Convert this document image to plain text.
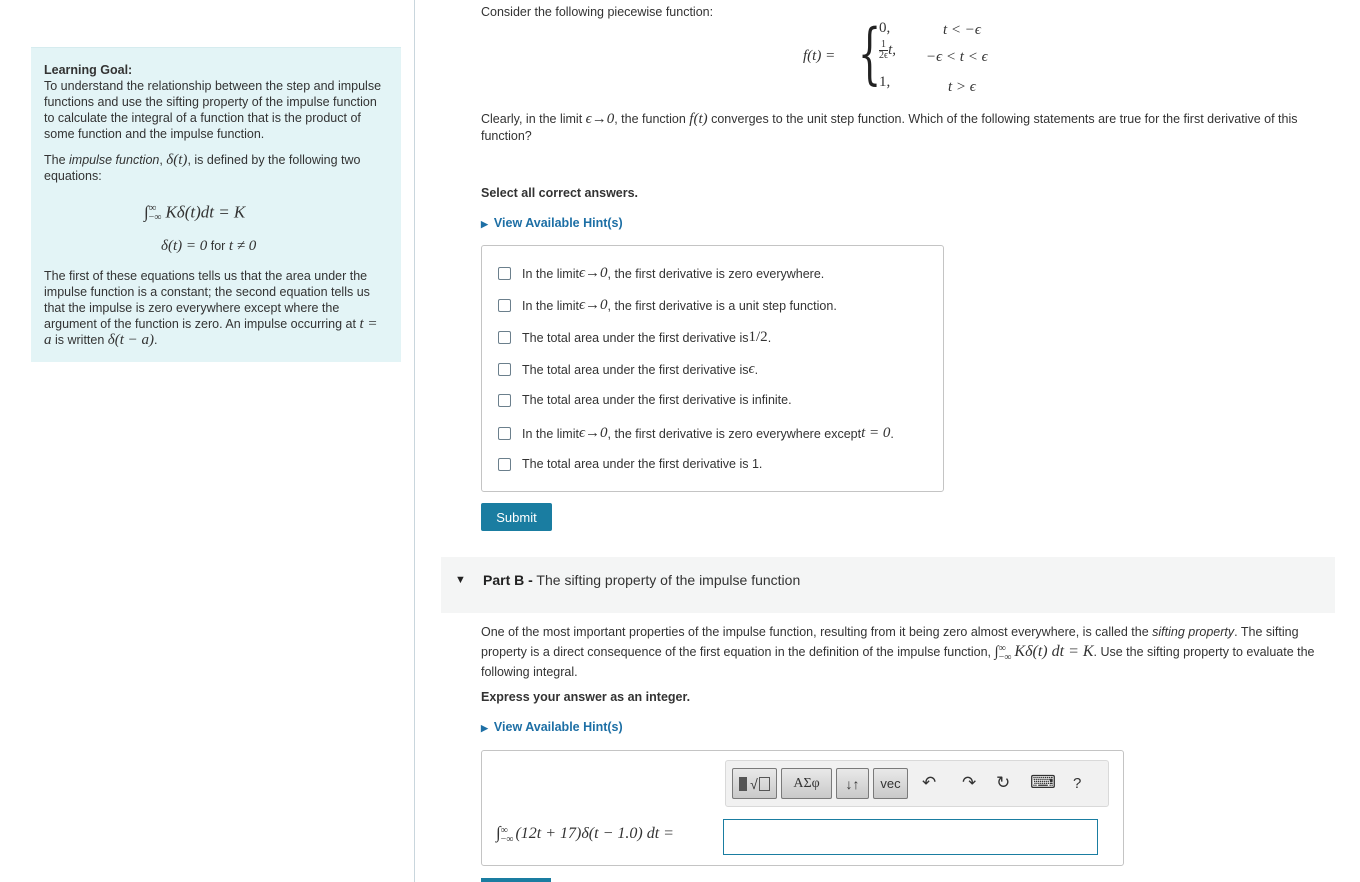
Learning Goal:

To understand the relationship between the step and impulse functions and use the sifting property of the impulse function to calculate the integral of a function that is the product of some function and the impulse function.

The impulse function, δ(t), is defined by the following two equations:

∫ ∞
−∞ Kδ(t)dt = K
δ(t) = 0 for t ≠ 0

The first of these equations tells us that the area under the impulse function is a constant; the second equation tells us that the impulse is zero everywhere except where the argument of the function is zero. An impulse occurring at t = a is written δ(t − a).

Consider the following piecewise function:
f(t) = {
0,	t < −ϵ
$\frac{1}{2\epsilon} t$, −ϵ < t < ϵ
1,	t > ϵ
Clearly, in the limit ϵ→0, the function f(t) converges to the unit step function. Which of the following statements are true for the first derivative of this function?
Select all correct answers.
▶ View Available Hint(s)
In the limit ϵ→0 , the first derivative is zero everywhere.
In the limit ϵ→0 , the first derivative is a unit step function.
The total area under the first derivative is 1/2 .
The total area under the first derivative is ϵ .
The total area under the first derivative is infinite.
In the limit ϵ→0 , the first derivative is zero everywhere except t = 0 .
The total area under the first derivative is 1.
Submit
▼ Part B - The sifting property of the impulse function
One of the most important properties of the impulse function, resulting from it being zero almost everywhere, is called the sifting property. The sifting property is a direct consequence of the first equation in the definition of the impulse function, ∫ ∞
−∞ Kδ(t) dt = K. Use the sifting property to evaluate the following integral.
Express your answer as an integer.
▶ View Available Hint(s)
√	ΑΣφ	↓↑	vec	↶ ↷ ↻ ⌨ ?
∫ ∞
−∞ (12t + 17)δ(t − 1.0) dt =
